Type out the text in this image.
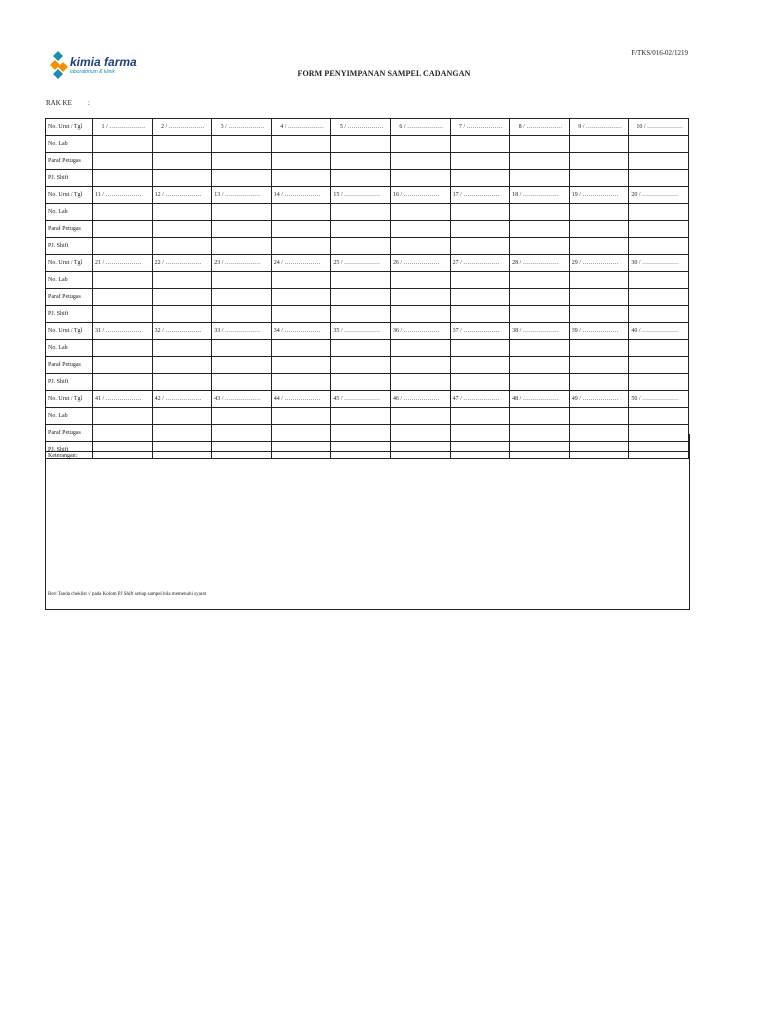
F/TKS/016-02/1219
kimia farma
laboratorium & klinik	FORM PENYIMPANAN SAMPEL CADANGAN
RAK KE :
No. Urut / Tgl	1 / ………………	2 / ………………	3 / ………………	4 / ………………	5 / ………………	6 / ………………	7 / ………………	8 / ………………	9 / ………………	10 / ………………
No. Lab										
Paraf Petugas										
PJ. Shift										
No. Urut / Tgl	11 / ………………	12 / ………………	13 / ………………	14 / ………………	15 / ………………	16 / ………………	17 / ………………	18 / ………………	19 / ………………	20 / ………………
No. Lab										
Paraf Petugas										
PJ. Shift										
No. Urut / Tgl	21 / ………………	22 / ………………	23 / ………………	24 / ………………	25 / ………………	26 / ………………	27 / ………………	28 / ………………	29 / ………………	30 / ………………
No. Lab										
Paraf Petugas										
PJ. Shift										
No. Urut / Tgl	31 / ………………	32 / ………………	33 / ………………	34 / ………………	35 / ………………	36 / ………………	37 / ………………	38 / ………………	39 / ………………	40 / ………………
No. Lab										
Paraf Petugas										
PJ. Shift										
No. Urut / Tgl	41 / ………………	42 / ………………	43 / ………………	44 / ………………	45 / ………………	46 / ………………	47 / ………………	48 / ………………	49 / ………………	50 / ………………
No. Lab										
Paraf Petugas										
PJ. Shift										
Keterangan:
Beri Tanda cheklist √ pada Kolom PJ Shift setiap sampel bila memenuhi syarat
